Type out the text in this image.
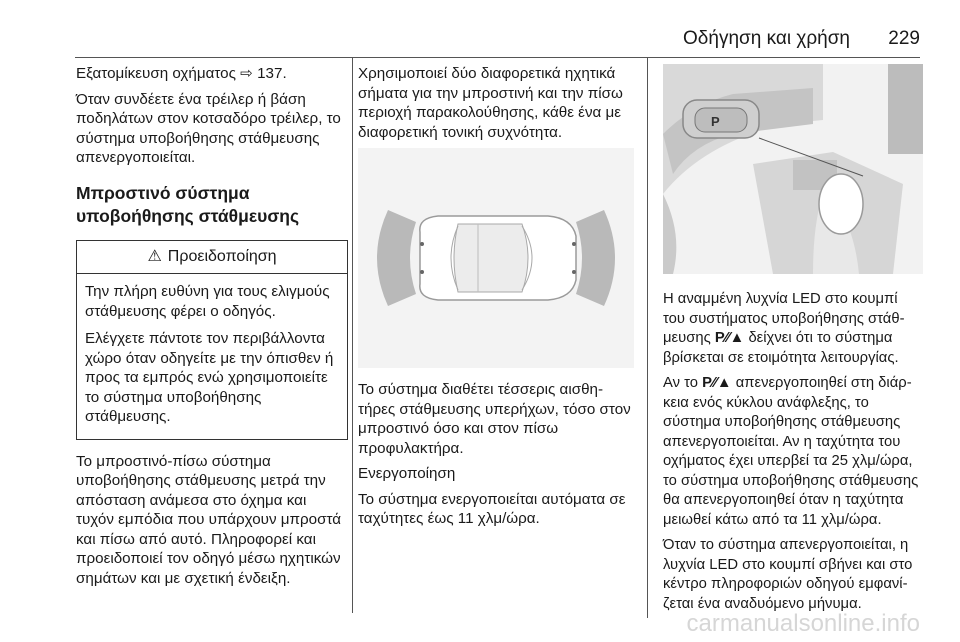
Οδήγηση και χρήση 229

Εξατομίκευση οχήματος ⇨ 137.

Όταν συνδέετε ένα τρέιλερ ή βάση ποδηλάτων στον κοτσαδόρο τρέιλερ, το σύστημα υποβοήθησης στάθμευσης απενεργοποιείται.

Μπροστινό σύστημα
υποβοήθησης στάθμευσης
⚠ Προειδοποίηση

Την πλήρη ευθύνη για τους ελιγμούς στάθμευσης φέρει ο οδηγός.

Ελέγχετε πάντοτε τον περιβάλλοντα χώρο όταν οδηγείτε με την όπισθεν ή προς τα εμπρός ενώ χρησιμοποιείτε το σύστημα υποβοήθησης στάθμευσης.

Το μπροστινό-πίσω σύστημα υποβοήθησης στάθμευσης μετρά την απόσταση ανάμεσα στο όχημα και τυχόν εμπόδια που υπάρχουν μπροστά και πίσω από αυτό. Πληροφορεί και προειδοποιεί τον οδηγό μέσω ηχητικών σημάτων και με σχετική ένδειξη.

Χρησιμοποιεί δύο διαφορετικά ηχητικά σήματα για την μπροστινή και την πίσω περιοχή παρακολούθησης, κάθε ένα με διαφορετική τονική συχνότητα.

Το σύστημα διαθέτει τέσσερις αισθητήρες στάθμευσης υπερήχων, τόσο στον μπροστινό όσο και στον πίσω προφυλακτήρα.

Ενεργοποίηση

Το σύστημα ενεργοποιείται αυτόματα σε ταχύτητες έως 11 χλμ/ώρα.

P

Η αναμμένη λυχνία LED στο κουμπί του συστήματος υποβοήθησης στάθμευσης P⁄⁄▲ δείχνει ότι το σύστημα βρίσκεται σε ετοιμότητα λειτουργίας.

Αν το P⁄⁄▲ απενεργοποιηθεί στη διάρκεια ενός κύκλου ανάφλεξης, το σύστημα υποβοήθησης στάθμευσης απενεργοποιείται. Αν η ταχύτητα του οχήματος έχει υπερβεί τα 25 χλμ/ώρα, το σύστημα υποβοήθησης στάθμευσης θα απενεργοποιηθεί όταν η ταχύτητα μειωθεί κάτω από τα 11 χλμ/ώρα.

Όταν το σύστημα απενεργοποιείται, η λυχνία LED στο κουμπί σβήνει και στο κέντρο πληροφοριών οδηγού εμφανίζεται ένα αναδυόμενο μήνυμα.

carmanualsonline.info
